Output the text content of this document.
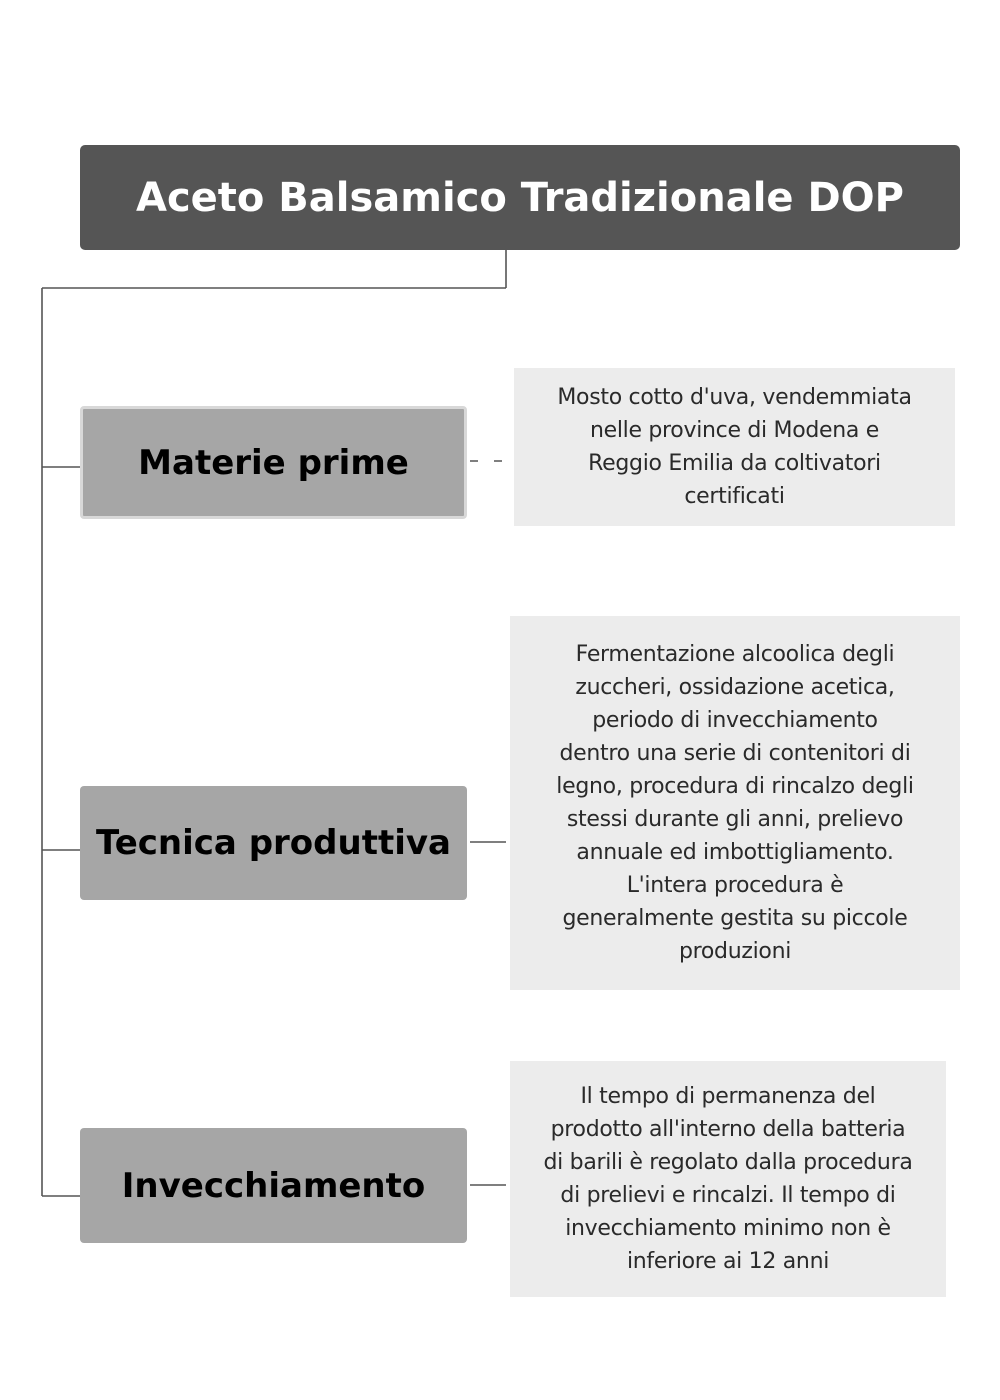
Aceto Balsamico Tradizionale DOP
Materie prime
Mosto cotto d'uva, vendemmiata
nelle province di Modena e
Reggio Emilia da coltivatori
certificati
Tecnica produttiva
Fermentazione alcoolica degli
zuccheri, ossidazione acetica,
periodo di invecchiamento
dentro una serie di contenitori di
legno, procedura di rincalzo degli
stessi durante gli anni, prelievo
annuale ed imbottigliamento.
L'intera procedura è
generalmente gestita su piccole
produzioni
Invecchiamento
Il tempo di permanenza del
prodotto all'interno della batteria
di barili è regolato dalla procedura
di prelievi e rincalzi. Il tempo di
invecchiamento minimo non è
inferiore ai 12 anni
